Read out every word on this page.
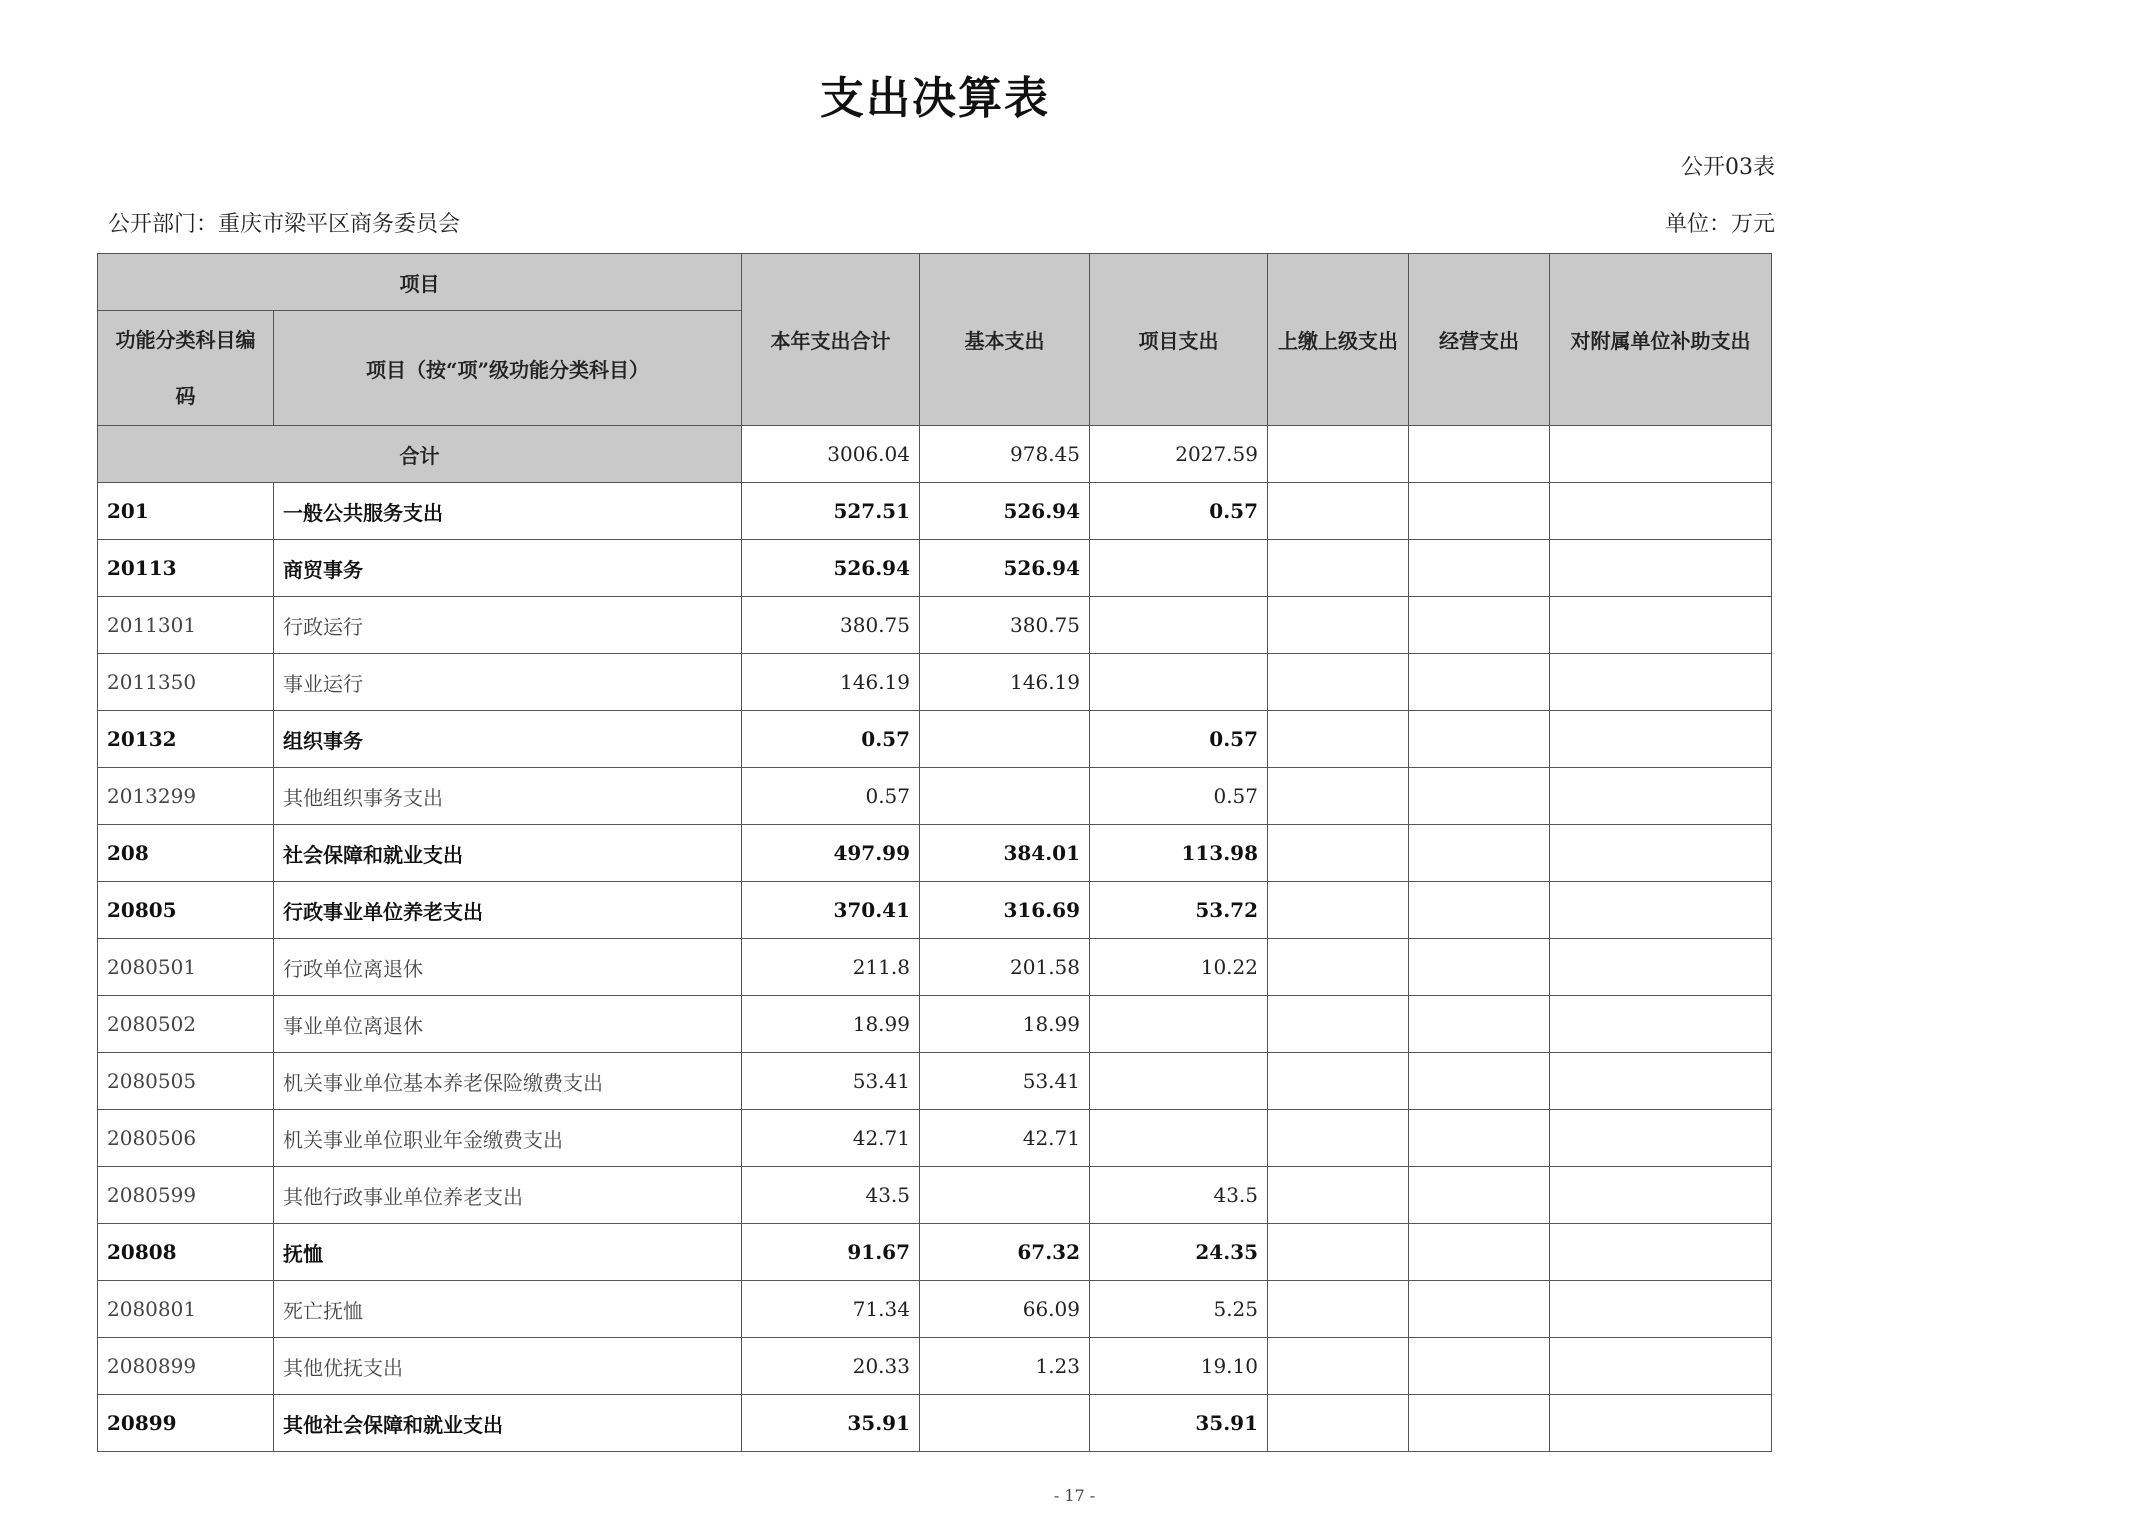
支出决算表
公开03表
公开部门：重庆市梁平区商务委员会	单位：万元
项目		本年支出合计	基本支出	项目支出	上缴上级支出	经营支出	对附属单位补助支出
功能分类科目编码	项目（按“项”级功能分类科目）						
合计		3006.04	978.45	2027.59			
201	一般公共服务支出	527.51	526.94	0.57			
20113	商贸事务	526.94	526.94				
2011301	行政运行	380.75	380.75				
2011350	事业运行	146.19	146.19				
20132	组织事务	0.57		0.57			
2013299	其他组织事务支出	0.57		0.57			
208	社会保障和就业支出	497.99	384.01	113.98			
20805	行政事业单位养老支出	370.41	316.69	53.72			
2080501	行政单位离退休	211.8	201.58	10.22			
2080502	事业单位离退休	18.99	18.99				
2080505	机关事业单位基本养老保险缴费支出	53.41	53.41				
2080506	机关事业单位职业年金缴费支出	42.71	42.71				
2080599	其他行政事业单位养老支出	43.5		43.5			
20808	抚恤	91.67	67.32	24.35			
2080801	死亡抚恤	71.34	66.09	5.25			
2080899	其他优抚支出	20.33	1.23	19.10			
20899	其他社会保障和就业支出	35.91		35.91			
- 17 -
